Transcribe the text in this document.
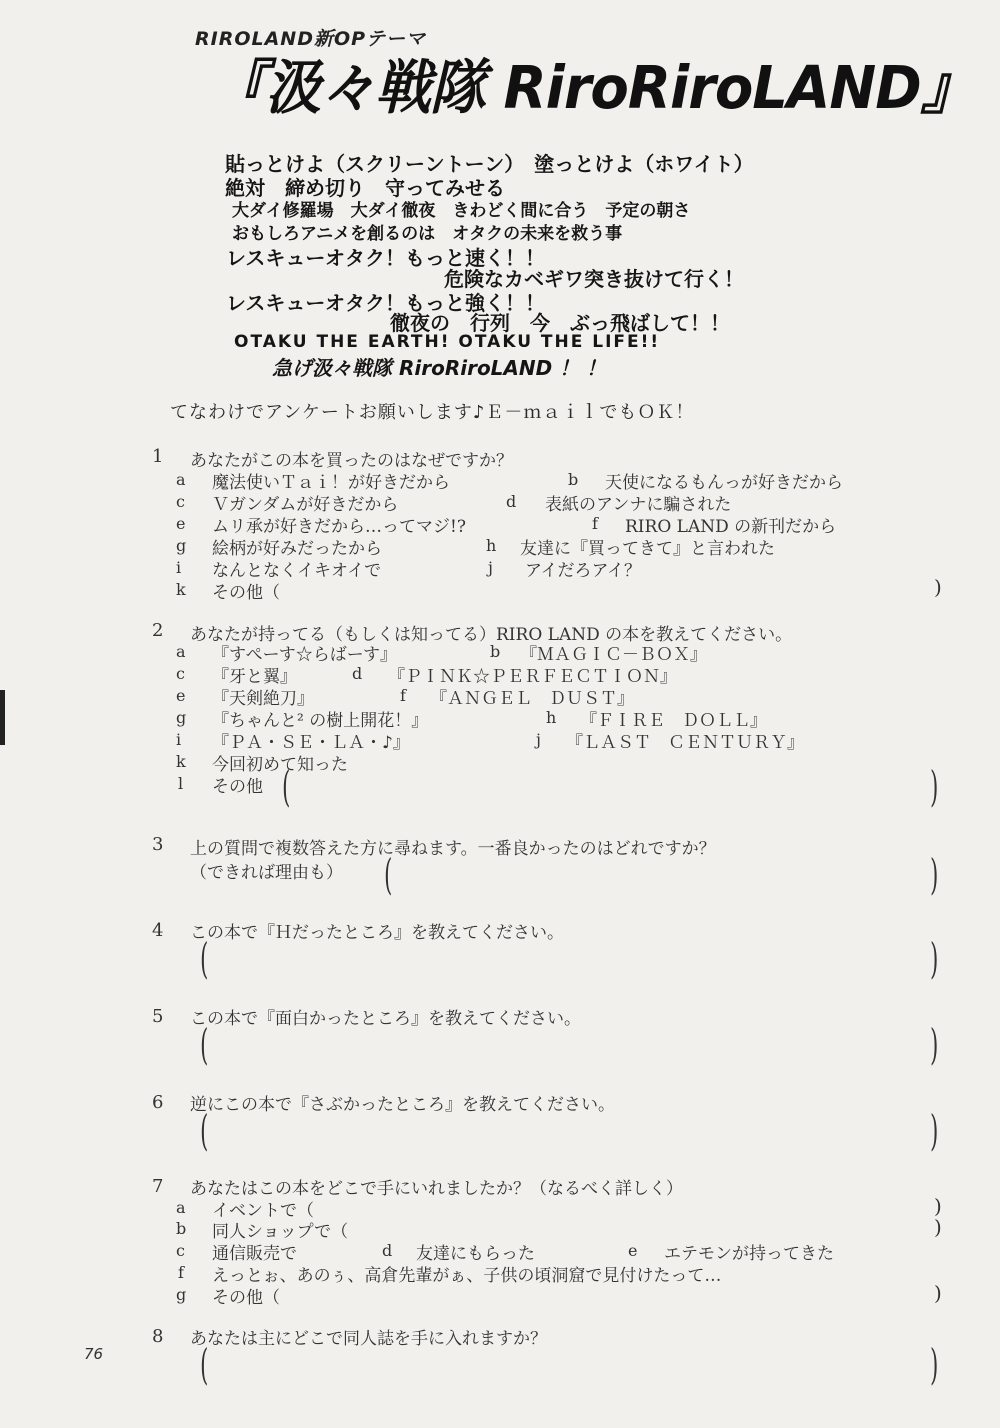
RIROLAND新OPテーマ
『汲々戦隊 RiroRiroLAND』
貼っとけよ（スクリーントーン）　塗っとけよ（ホワイト）
絶対　締め切り　守ってみせる
大ダイ修羅場　大ダイ徹夜　きわどく間に合う　予定の朝さ
おもしろアニメを創るのは　オタクの未来を救う事
レスキューオタク！もっと速く！！
危険なカベギワ突き抜けて行く！
レスキューオタク！もっと強く！！
徹夜の　行列　今　ぶっ飛ばして！！
OTAKU THE EARTH! OTAKU THE LIFE!!
急げ汲々戦隊 RiroRiroLAND ！ ！
てなわけでアンケートお願いします♪Ｅ－ｍａｉｌでもＯＫ！
1 あなたがこの本を買ったのはなぜですか？
a 魔法使いＴａｉ！が好きだから	b 天使になるもんっが好きだから
c Ｖガンダムが好きだから	d 表紙のアンナに騙された
e ムリ承が好きだから…ってマジ!?	f RIRO LAND の新刊だから
g 絵柄が好みだったから	h 友達に『買ってきて』と言われた
i なんとなくイキオイで	j アイだろアイ？
k その他（	)
2 あなたが持ってる（もしくは知ってる）RIRO LAND の本を教えてください。
a 『すぺーす☆らばーす』	b 『ＭＡＧＩＣ－ＢＯＸ』
c 『牙と翼』	d 『ＰＩＮＫ☆ＰＥＲＦＥＣＴＩＯＮ』
e 『天剣絶刀』	f 『ＡＮＧＥＬ　ＤＵＳＴ』
g 『ちゃんと² の樹上開花！』	h 『ＦＩＲＥ　ＤＯＬＬ』
i 『ＰＡ・ＳＥ・ＬＡ・♪』	j 『ＬＡＳＴ　ＣＥＮＴＵＲＹ』
k 今回初めて知った
l その他 (	)
3 上の質問で複数答えた方に尋ねます。一番良かったのはどれですか？
（できれば理由も） (	)
4 この本で『Ｈだったところ』を教えてください。
(	)
5 この本で『面白かったところ』を教えてください。
(	)
6 逆にこの本で『さぶかったところ』を教えてください。
(	)
7 あなたはこの本をどこで手にいれましたか？（なるべく詳しく）
a イベントで（	)
b 同人ショップで（	)
c 通信販売で	d 友達にもらった	e エテモンが持ってきた
f えっとぉ、あのぅ、高倉先輩がぁ、子供の頃洞窟で見付けたって…
g その他（	)
8 あなたは主にどこで同人誌を手に入れますか？
(	)
76
